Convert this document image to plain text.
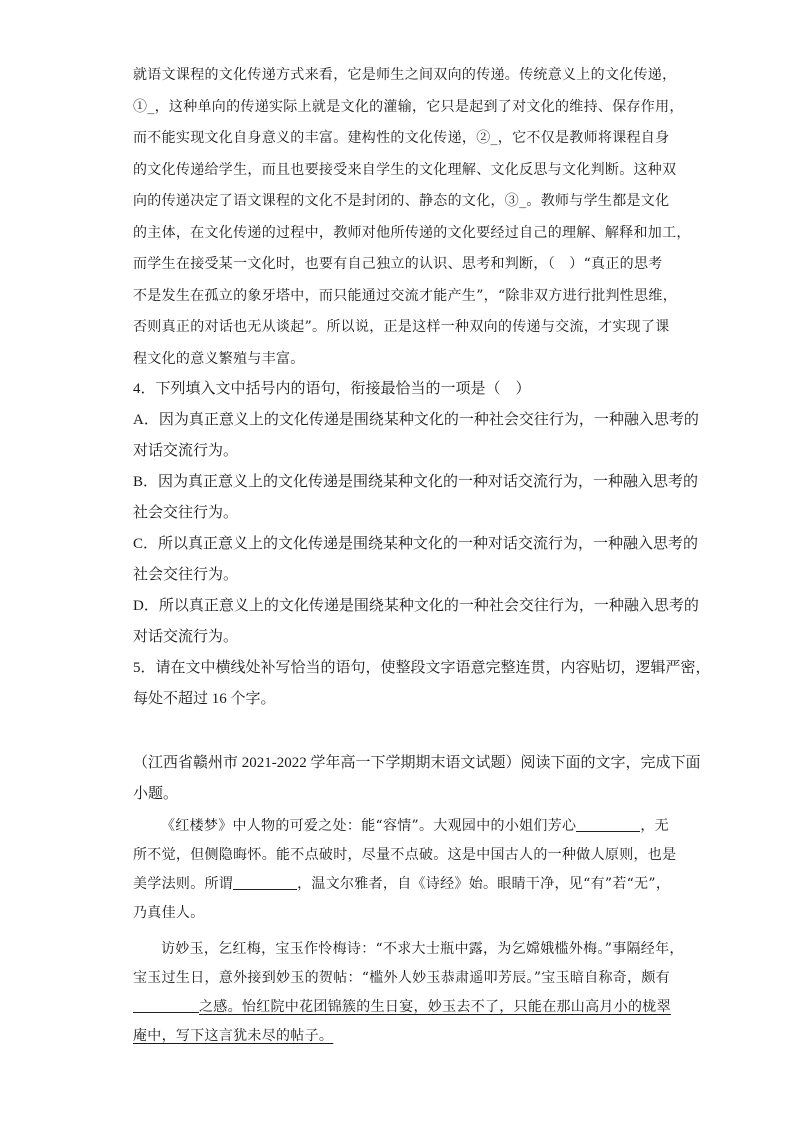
就语文课程的文化传递方式来看，它是师生之间双向的传递。传统意义上的文化传递，
①_，这种单向的传递实际上就是文化的灌输，它只是起到了对文化的维持、保存作用，
而不能实现文化自身意义的丰富。建构性的文化传递，②_，它不仅是教师将课程自身
的文化传递给学生，而且也要接受来自学生的文化理解、文化反思与文化判断。这种双
向的传递决定了语文课程的文化不是封闭的、静态的文化，③_。教师与学生都是文化
的主体，在文化传递的过程中，教师对他所传递的文化要经过自己的理解、解释和加工，
而学生在接受某一文化时，也要有自己独立的认识、思考和判断，（　）“真正的思考
不是发生在孤立的象牙塔中，而只能通过交流才能产生”，“除非双方进行批判性思维，
否则真正的对话也无从谈起”。所以说，正是这样一种双向的传递与交流，才实现了课
程文化的意义繁殖与丰富。
4．下列填入文中括号内的语句，衔接最恰当的一项是（　）
A．因为真正意义上的文化传递是围绕某种文化的一种社会交往行为，一种融入思考的
对话交流行为。
B．因为真正意义上的文化传递是围绕某种文化的一种对话交流行为，一种融入思考的
社会交往行为。
C．所以真正意义上的文化传递是围绕某种文化的一种对话交流行为，一种融入思考的
社会交往行为。
D．所以真正意义上的文化传递是围绕某种文化的一种社会交往行为，一种融入思考的
对话交流行为。
5．请在文中横线处补写恰当的语句，使整段文字语意完整连贯，内容贴切，逻辑严密，
每处不超过 16 个字。
（江西省赣州市 2021-2022 学年高一下学期期末语文试题）阅读下面的文字，完成下面
小题。
《红楼梦》中人物的可爱之处：能“容情”。大观园中的小姐们芳心	，无
所不觉，但侧隐晦怀。能不点破时，尽量不点破。这是中国古人的一种做人原则，也是
美学法则。所谓	，温文尔雅者，自《诗经》始。眼睛干净，见“有”若“无”，
乃真佳人。
访妙玉，乞红梅，宝玉作怜梅诗：“不求大士瓶中露，为乞嫦娥槛外梅。”事隔经年，
宝玉过生日，意外接到妙玉的贺帖：“槛外人妙玉恭肃遥叩芳辰。”宝玉暗自称奇，颇有
之感。怡红院中花团锦簇的生日宴，妙玉去不了，只能在那山高月小的栊翠
庵中，写下这言犹未尽的帖子。
